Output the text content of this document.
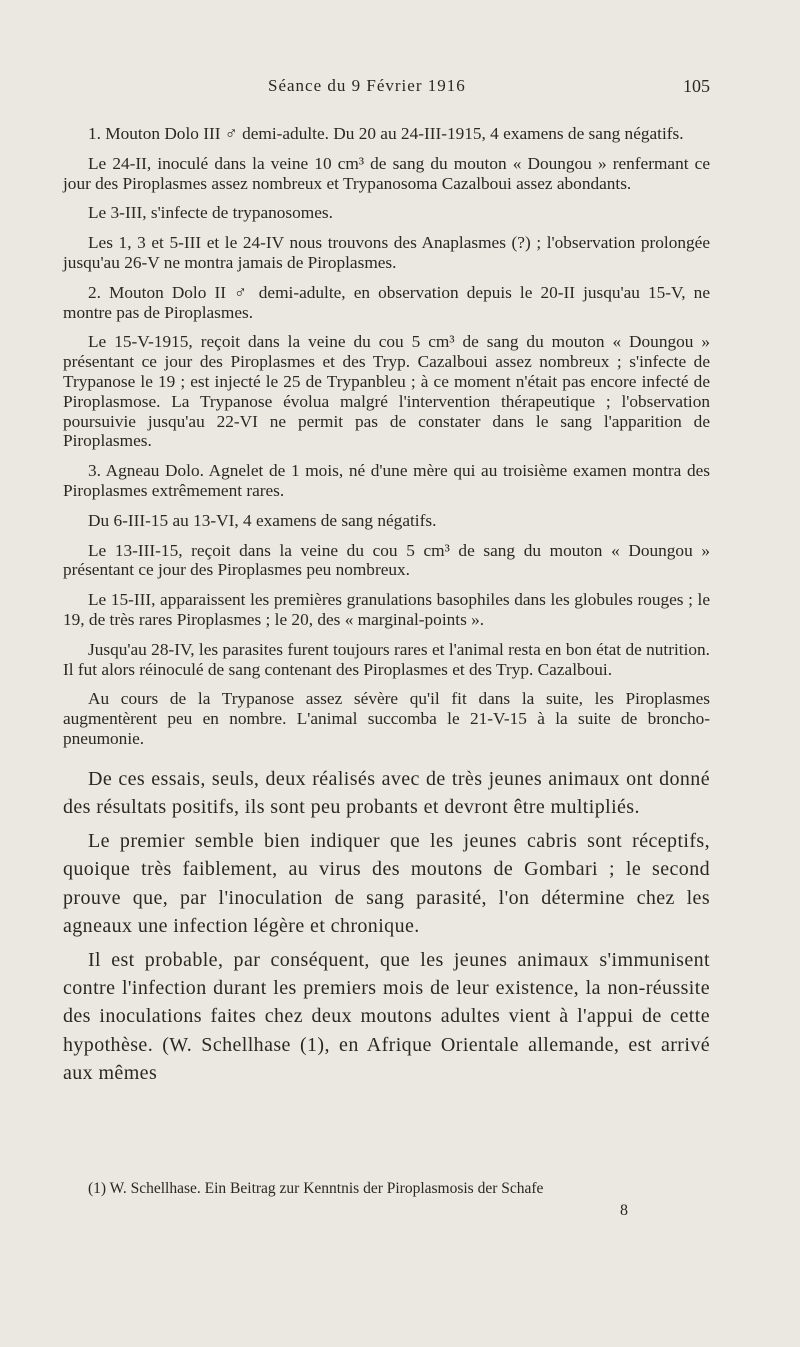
Séance du 9 Février 1916	105

1. Mouton Dolo III ♂ demi-adulte. Du 20 au 24-III-1915, 4 examens de sang négatifs.

Le 24-II, inoculé dans la veine 10 cm³ de sang du mouton « Doungou » renfermant ce jour des Piroplasmes assez nombreux et Trypanosoma Cazalboui assez abondants.

Le 3-III, s'infecte de trypanosomes.

Les 1, 3 et 5-III et le 24-IV nous trouvons des Anaplasmes (?) ; l'observation prolongée jusqu'au 26-V ne montra jamais de Piroplasmes.

2. Mouton Dolo II ♂ demi-adulte, en observation depuis le 20-II jusqu'au 15-V, ne montre pas de Piroplasmes.

Le 15-V-1915, reçoit dans la veine du cou 5 cm³ de sang du mouton « Doungou » présentant ce jour des Piroplasmes et des Tryp. Cazalboui assez nombreux ; s'infecte de Trypanose le 19 ; est injecté le 25 de Trypanbleu ; à ce moment n'était pas encore infecté de Piroplasmose. La Trypanose évolua malgré l'intervention thérapeutique ; l'observation poursuivie jusqu'au 22-VI ne permit pas de constater dans le sang l'apparition de Piroplasmes.

3. Agneau Dolo. Agnelet de 1 mois, né d'une mère qui au troisième examen montra des Piroplasmes extrêmement rares.

Du 6-III-15 au 13-VI, 4 examens de sang négatifs.

Le 13-III-15, reçoit dans la veine du cou 5 cm³ de sang du mouton « Doungou » présentant ce jour des Piroplasmes peu nombreux.

Le 15-III, apparaissent les premières granulations basophiles dans les globules rouges ; le 19, de très rares Piroplasmes ; le 20, des « marginal-points ».

Jusqu'au 28-IV, les parasites furent toujours rares et l'animal resta en bon état de nutrition. Il fut alors réinoculé de sang contenant des Piroplasmes et des Tryp. Cazalboui.

Au cours de la Trypanose assez sévère qu'il fit dans la suite, les Piroplasmes augmentèrent peu en nombre. L'animal succomba le 21-V-15 à la suite de broncho-pneumonie.

De ces essais, seuls, deux réalisés avec de très jeunes animaux ont donné des résultats positifs, ils sont peu probants et devront être multipliés.

Le premier semble bien indiquer que les jeunes cabris sont réceptifs, quoique très faiblement, au virus des moutons de Gombari ; le second prouve que, par l'inoculation de sang parasité, l'on détermine chez les agneaux une infection légère et chronique.

Il est probable, par conséquent, que les jeunes animaux s'immunisent contre l'infection durant les premiers mois de leur existence, la non-réussite des inoculations faites chez deux moutons adultes vient à l'appui de cette hypothèse. (W. Schellhase (1), en Afrique Orientale allemande, est arrivé aux mêmes

(1) W. Schellhase. Ein Beitrag zur Kenntnis der Piroplasmosis der Schafe
8
